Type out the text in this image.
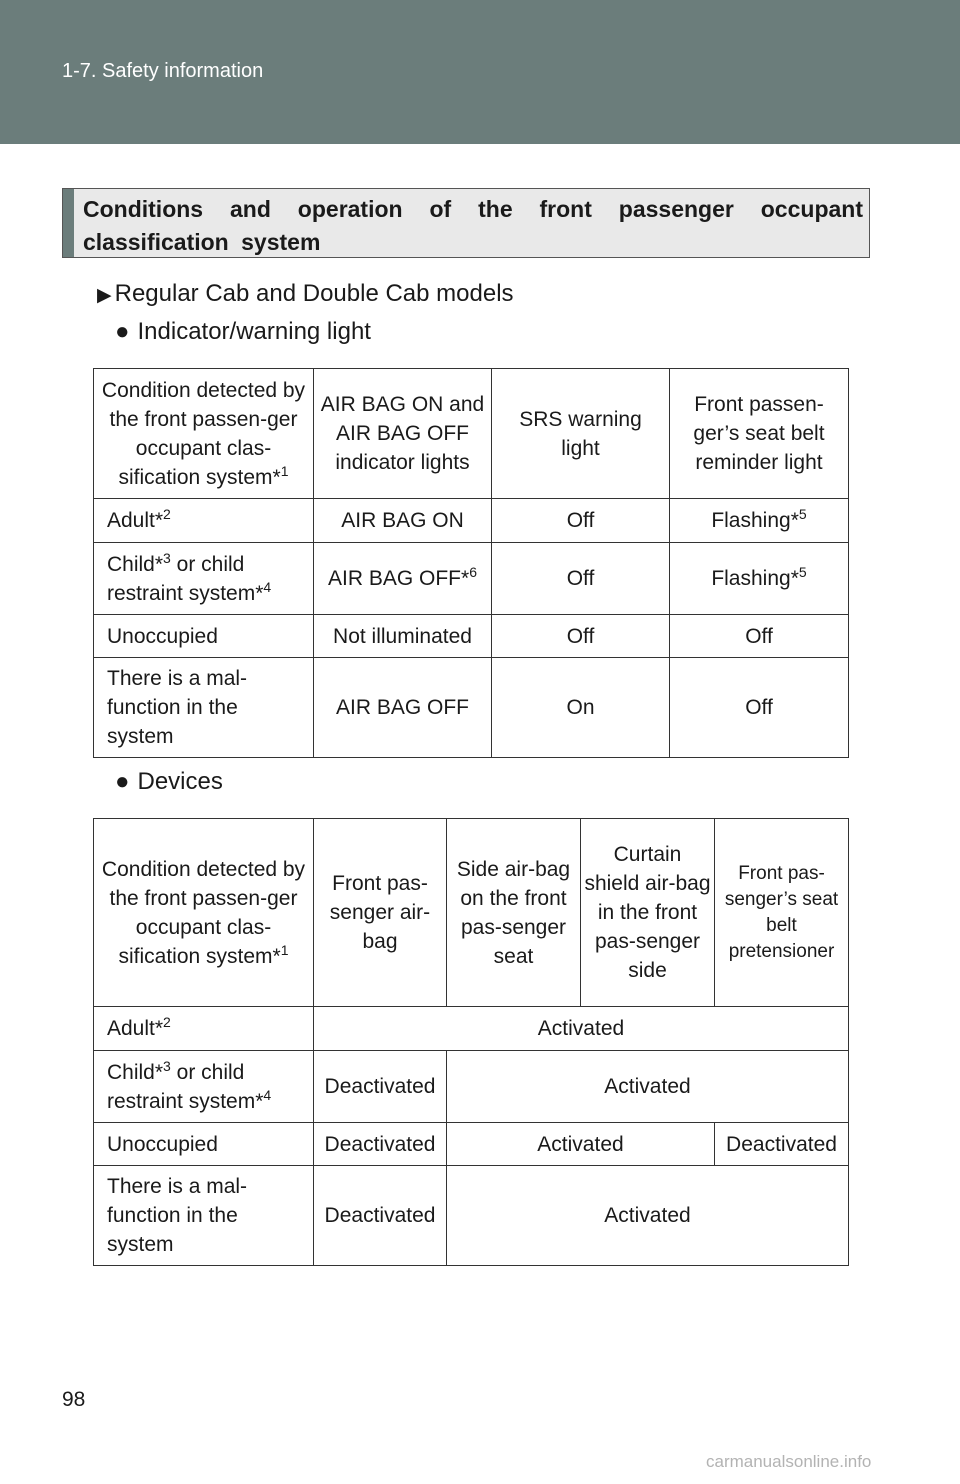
1-7. Safety information
Conditions and operation of the front passenger occupant classification system
▶ Regular Cab and Double Cab models
● Indicator/warning light
Condition detected by the front passen-ger occupant clas-sification system*$^1$	AIR BAG ON and AIR BAG OFF indicator lights	SRS warning light	Front passen-ger’s seat belt reminder light
Adult*$^2$	AIR BAG ON	Off	Flashing*$^5$
Child*$^3$ or child restraint system*$^4$	AIR BAG OFF*$^6$	Off	Flashing*$^5$
Unoccupied	Not illuminated	Off	Off
There is a mal-function in the system	AIR BAG OFF	On	Off
● Devices
Condition detected by the front passen-ger occupant clas-sification system*$^1$	Front pas-senger air-bag	Side air-bag on the front pas-senger seat	Curtain shield air-bag in the front pas-senger side	Front pas-senger’s seat belt pretensioner
Adult*$^2$	Activated			
Child*$^3$ or child restraint system*$^4$	Deactivated	Activated		
Unoccupied	Deactivated	Activated		Deactivated
There is a mal-function in the system	Deactivated	Activated		
98
carmanualsonline.info
